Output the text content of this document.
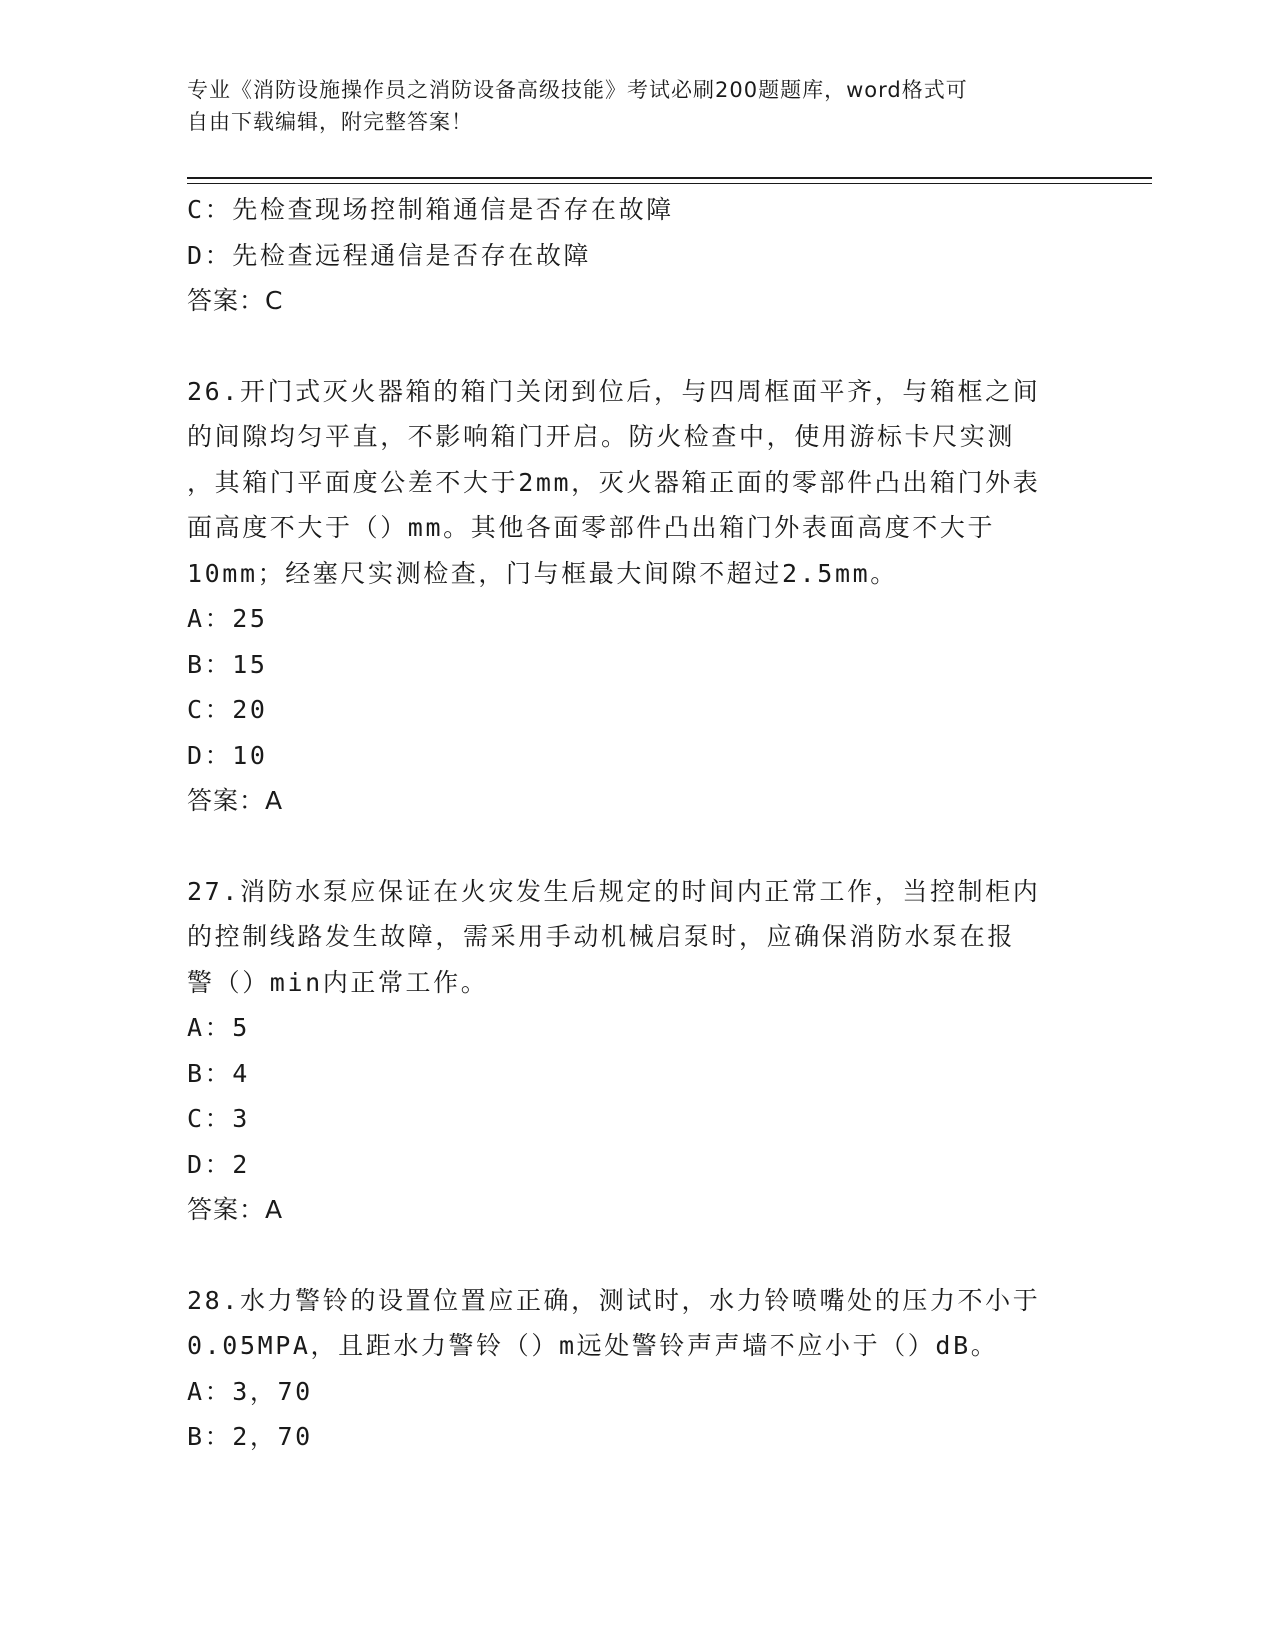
专业《消防设施操作员之消防设备高级技能》考试必刷200题题库，word格式可
自由下载编辑，附完整答案！
C：先检查现场控制箱通信是否存在故障
D：先检查远程通信是否存在故障
答案：C
26.开门式灭火器箱的箱门关闭到位后，与四周框面平齐，与箱框之间
的间隙均匀平直，不影响箱门开启。防火检查中，使用游标卡尺实测
，其箱门平面度公差不大于2mm，灭火器箱正面的零部件凸出箱门外表
面高度不大于（）mm。其他各面零部件凸出箱门外表面高度不大于
10mm；经塞尺实测检查，门与框最大间隙不超过2.5mm。
A：25
B：15
C：20
D：10
答案：A
27.消防水泵应保证在火灾发生后规定的时间内正常工作，当控制柜内
的控制线路发生故障，需采用手动机械启泵时，应确保消防水泵在报
警（）min内正常工作。
A：5
B：4
C：3
D：2
答案：A
28.水力警铃的设置位置应正确，测试时，水力铃喷嘴处的压力不小于
0.05MPA，且距水力警铃（）m远处警铃声声墙不应小于（）dB。
A：3，70
B：2，70
